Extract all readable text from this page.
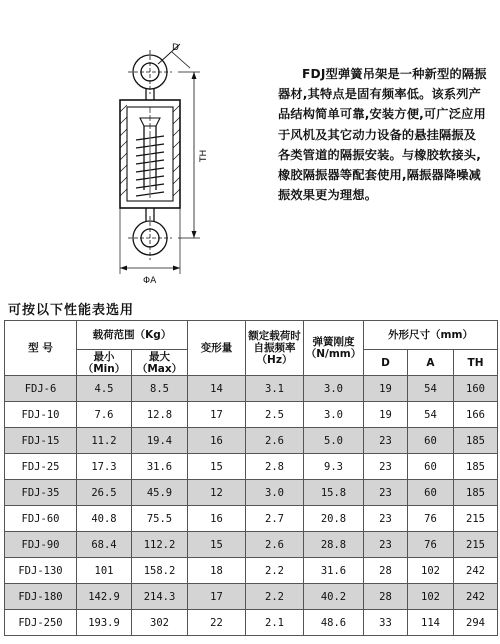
D
TH
ΦA

FDJ型弹簧吊架是一种新型的隔振器材,其特点是固有频率低。该系列产品结构简单可靠,安装方便,可广泛应用于风机及其它动力设备的悬挂隔振及各类管道的隔振安装。与橡胶软接头,橡胶隔振器等配套使用,隔振器降噪减振效果更为理想。

可按以下性能表选用
型 号	载荷范围（Kg）		变形量	额定载荷时自振频率（Hz）	弹簧刚度（N/mm）	外形尺寸（mm）		
	最小（Min）	最大（Max）				D	A	TH
FDJ-6	4.5	8.5	14	3.1	3.0	19	54	160
FDJ-10	7.6	12.8	17	2.5	3.0	19	54	166
FDJ-15	11.2	19.4	16	2.6	5.0	23	60	185
FDJ-25	17.3	31.6	15	2.8	9.3	23	60	185
FDJ-35	26.5	45.9	12	3.0	15.8	23	60	185
FDJ-60	40.8	75.5	16	2.7	20.8	23	76	215
FDJ-90	68.4	112.2	15	2.6	28.8	23	76	215
FDJ-130	101	158.2	18	2.2	31.6	28	102	242
FDJ-180	142.9	214.3	17	2.2	40.2	28	102	242
FDJ-250	193.9	302	22	2.1	48.6	33	114	294
